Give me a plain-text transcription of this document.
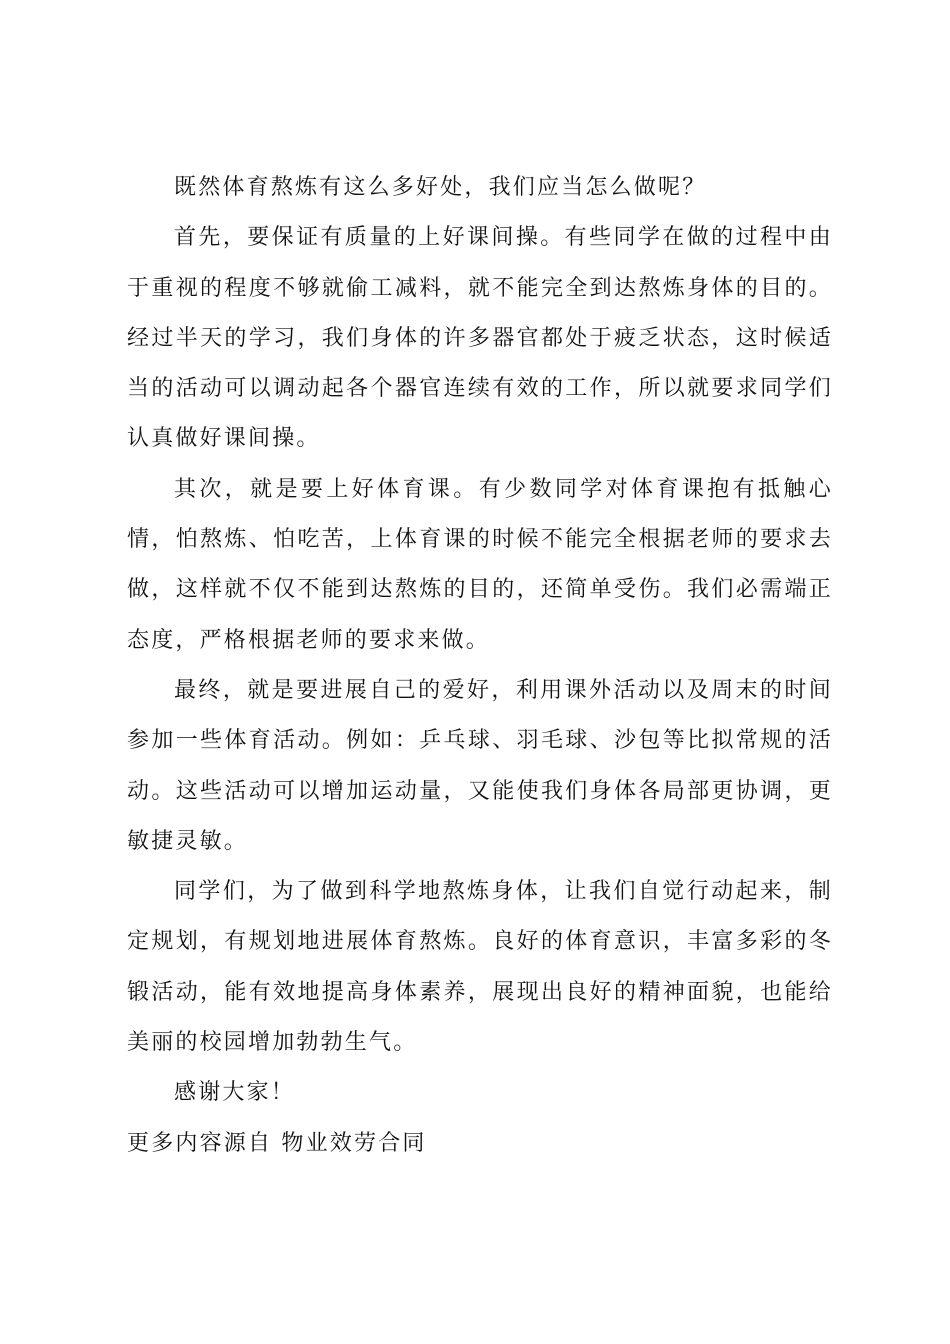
既然体育熬炼有这么多好处，我们应当怎么做呢？

首先，要保证有质量的上好课间操。有些同学在做的过程中由于重视的程度不够就偷工减料，就不能完全到达熬炼身体的目的。经过半天的学习，我们身体的许多器官都处于疲乏状态，这时候适当的活动可以调动起各个器官连续有效的工作，所以就要求同学们认真做好课间操。

其次，就是要上好体育课。有少数同学对体育课抱有抵触心情，怕熬炼、怕吃苦，上体育课的时候不能完全根据老师的要求去做，这样就不仅不能到达熬炼的目的，还简单受伤。我们必需端正态度，严格根据老师的要求来做。

最终，就是要进展自己的爱好，利用课外活动以及周末的时间参加一些体育活动。例如：乒乓球、羽毛球、沙包等比拟常规的活动。这些活动可以增加运动量，又能使我们身体各局部更协调，更敏捷灵敏。

同学们，为了做到科学地熬炼身体，让我们自觉行动起来，制定规划，有规划地进展体育熬炼。良好的体育意识，丰富多彩的冬锻活动，能有效地提高身体素养，展现出良好的精神面貌，也能给美丽的校园增加勃勃生气。

感谢大家！

更多内容源自 物业效劳合同
